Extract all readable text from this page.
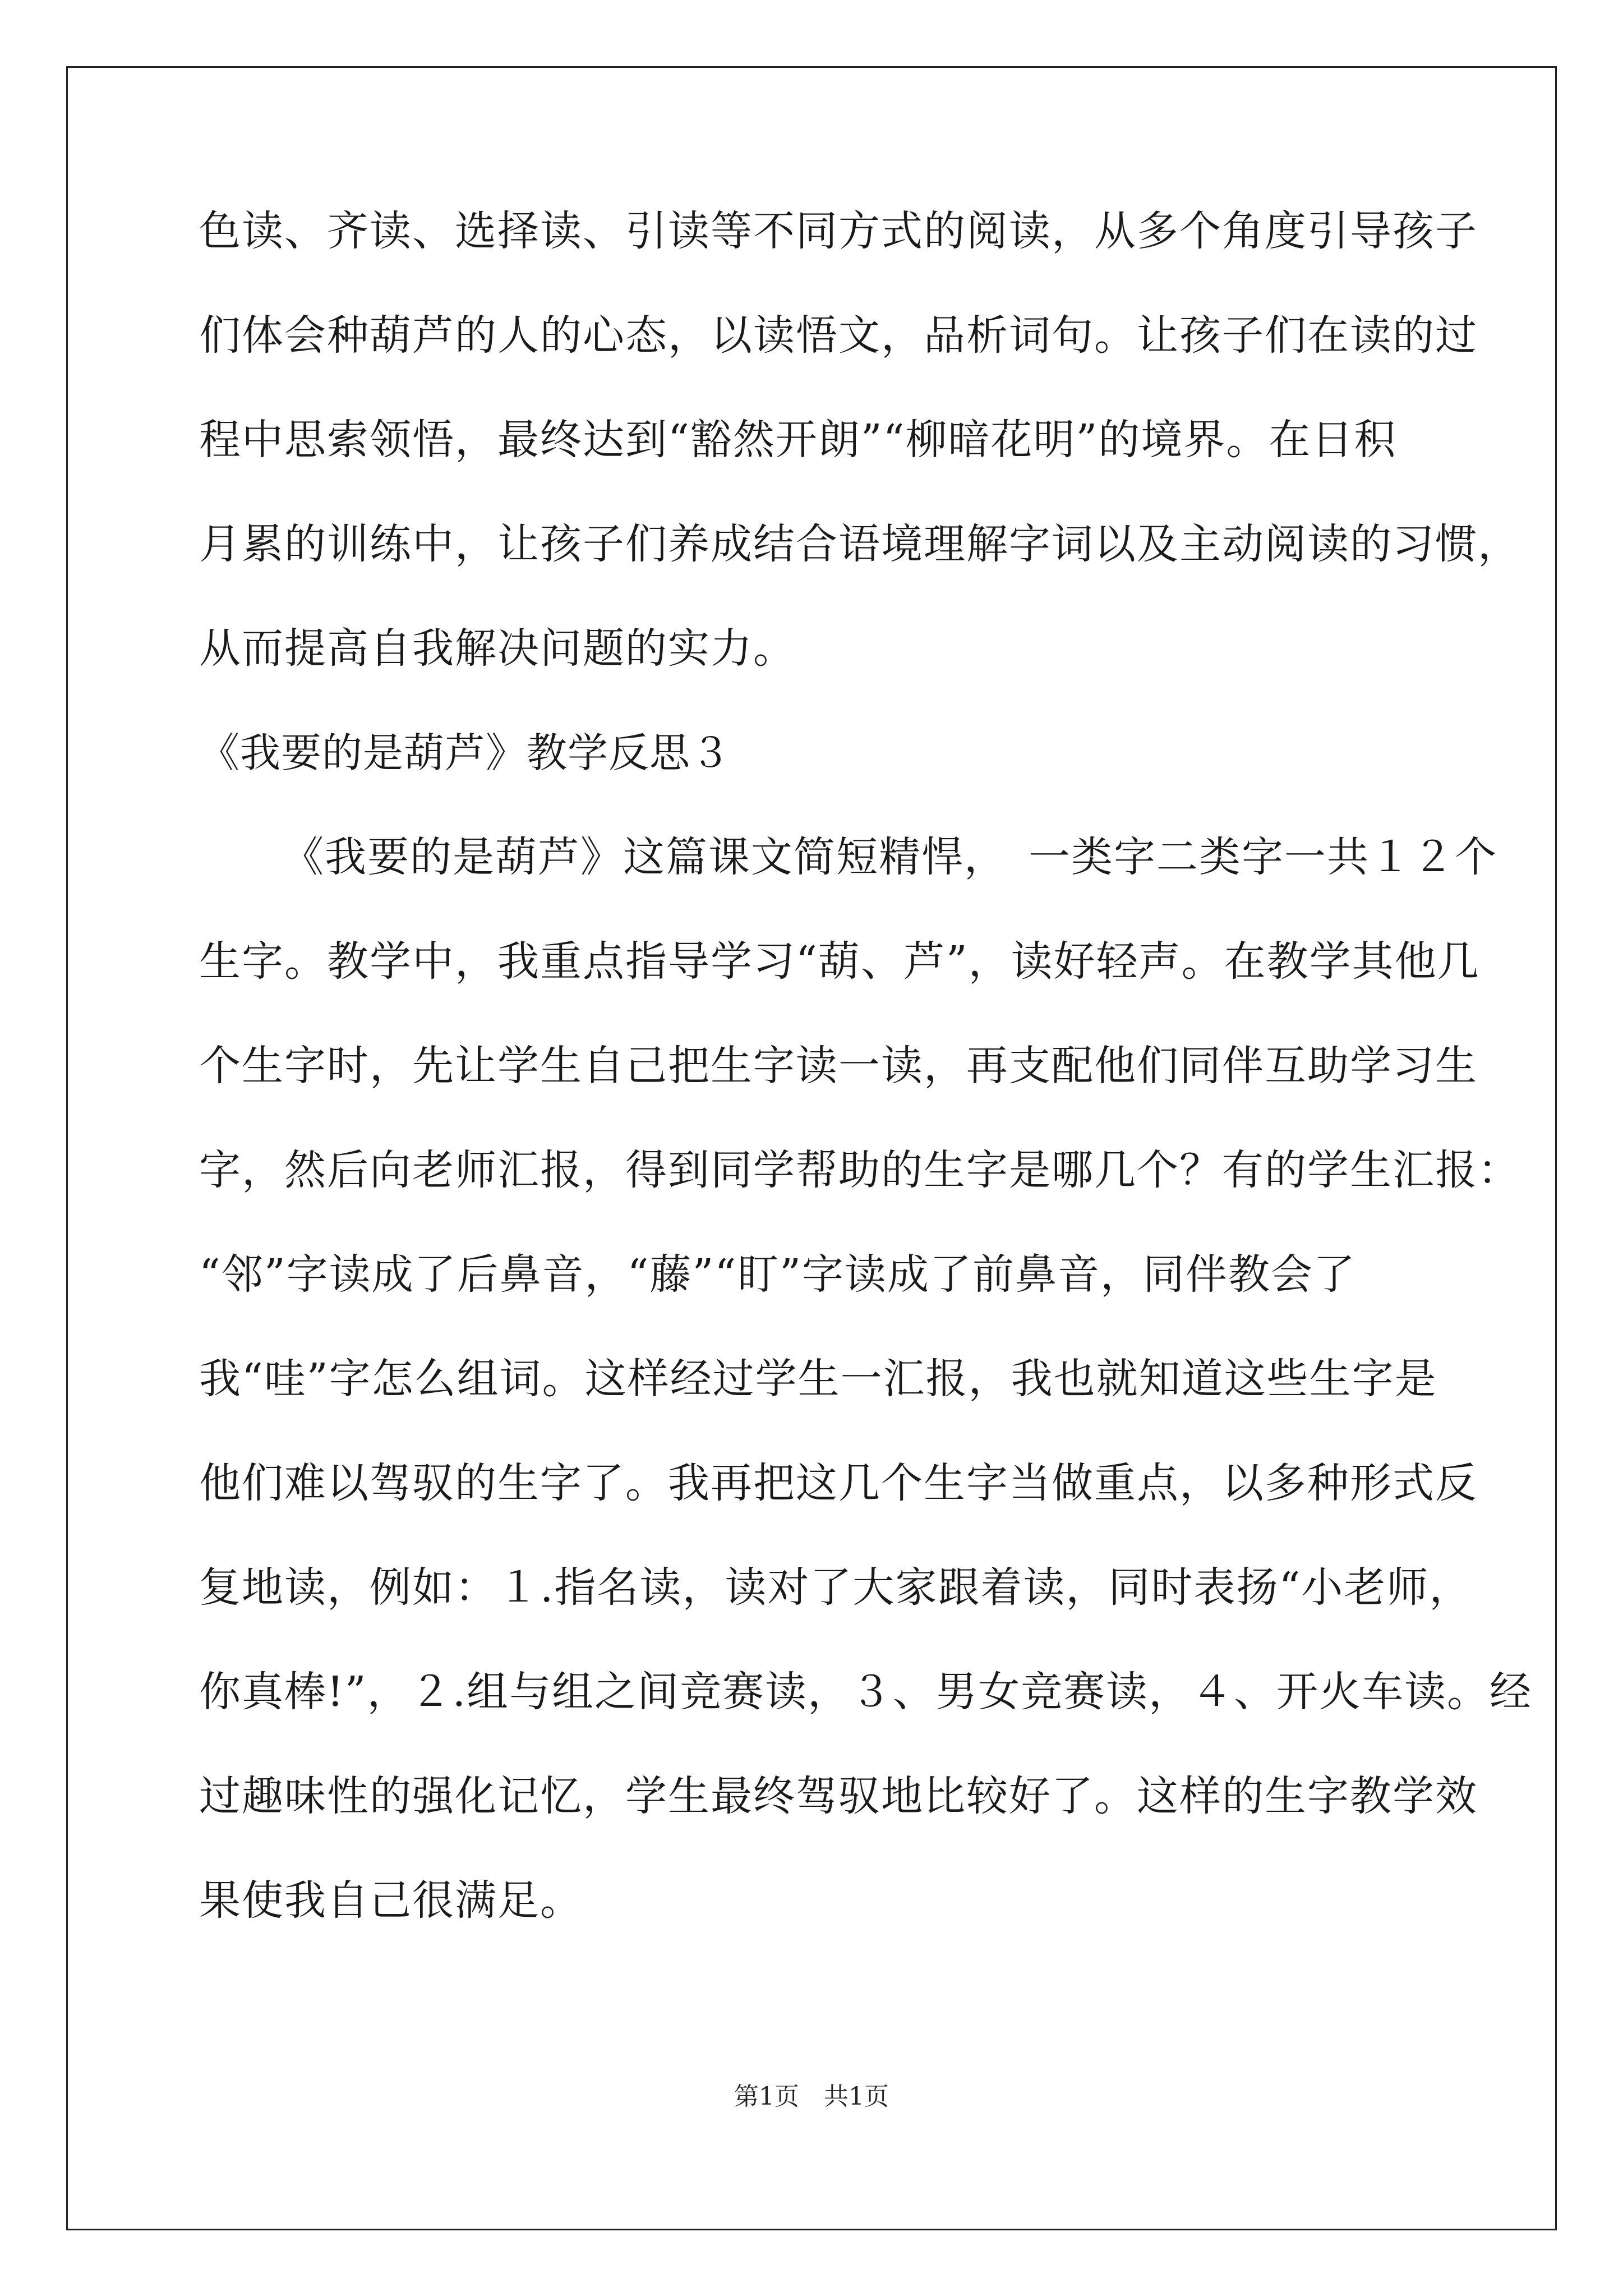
色读、齐读、选择读、引读等不同方式的阅读，从多个角度引导孩子
们体会种葫芦的人的心态，以读悟文，品析词句。让孩子们在读的过
程中思索领悟，最终达到“豁然开朗”“柳暗花明”的境界。在日积
月累的训练中，让孩子们养成结合语境理解字词以及主动阅读的习惯，
从而提高自我解决问题的实力。
《我要的是葫芦》教学反思３
《我要的是葫芦》这篇课文简短精悍，　一类字二类字一共１２个
生字。教学中，我重点指导学习“葫、芦”，读好轻声。在教学其他几
个生字时，先让学生自己把生字读一读，再支配他们同伴互助学习生
字，然后向老师汇报，得到同学帮助的生字是哪几个？有的学生汇报：
“邻”字读成了后鼻音，“藤”“盯”字读成了前鼻音，同伴教会了
我“哇”字怎么组词。这样经过学生一汇报，我也就知道这些生字是
他们难以驾驭的生字了。我再把这几个生字当做重点，以多种形式反
复地读，例如：１.指名读，读对了大家跟着读，同时表扬“小老师，
你真棒!”，２.组与组之间竞赛读，３、男女竞赛读，４、开火车读。经
过趣味性的强化记忆，学生最终驾驭地比较好了。这样的生字教学效
果使我自己很满足。
第1页　共1页
